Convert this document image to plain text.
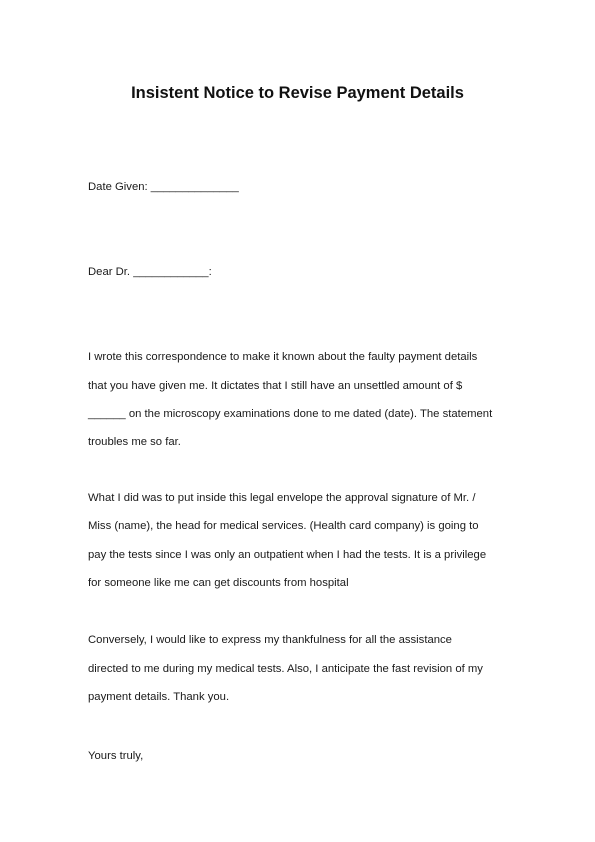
Insistent Notice to Revise Payment Details

Date Given: ______________

Dear Dr. ____________:

I wrote this correspondence to make it known about the faulty payment details

that you have given me. It dictates that I still have an unsettled amount of $

______ on the microscopy examinations done to me dated (date). The statement

troubles me so far.

What I did was to put inside this legal envelope the approval signature of Mr. /

Miss (name), the head for medical services. (Health card company) is going to

pay the tests since I was only an outpatient when I had the tests. It is a privilege

for someone like me can get discounts from hospital

Conversely, I would like to express my thankfulness for all the assistance

directed to me during my medical tests. Also, I anticipate the fast revision of my

payment details. Thank you.

Yours truly,
